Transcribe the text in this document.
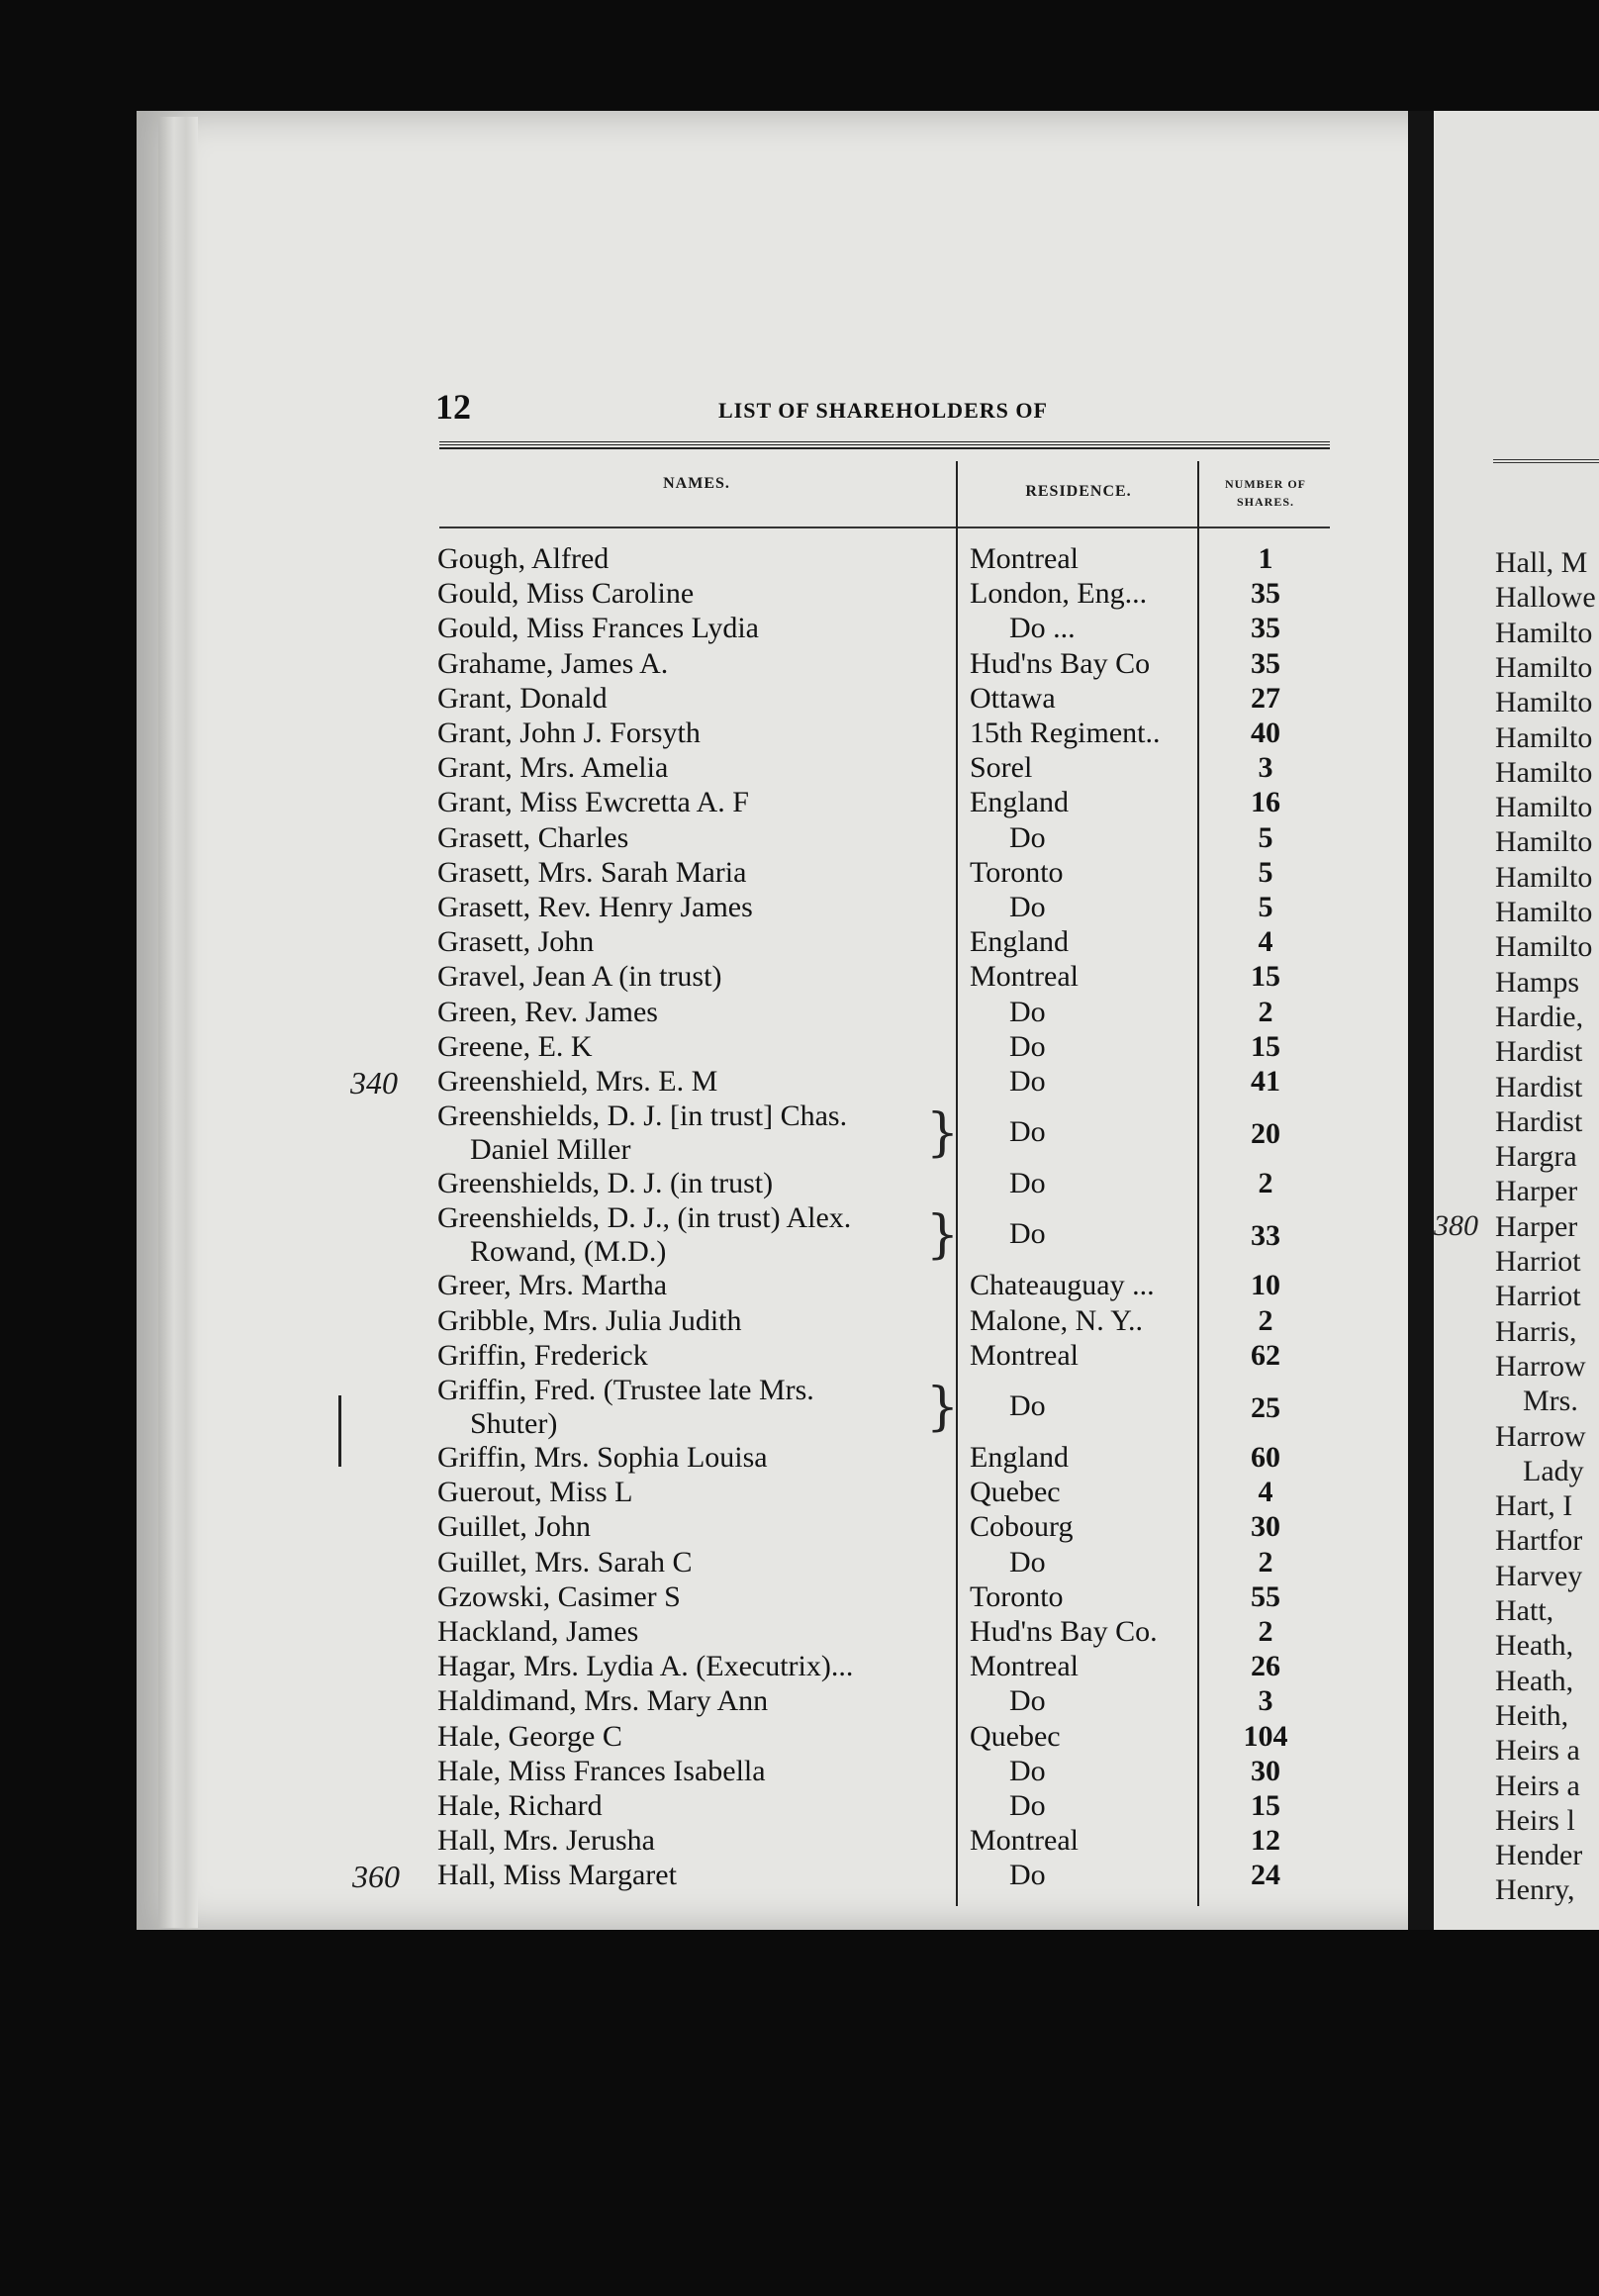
Hall, M
Hallowe
Hamilto
Hamilto
Hamilto
Hamilto
Hamilto
Hamilto
Hamilto
Hamilto
Hamilto
Hamilto
Hamps
Hardie,
Hardist
Hardist
Hardist
Hargra
Harper
Harper
Harriot
Harriot
Harris,
Harrow
Mrs.
Harrow
Lady
Hart, I
Hartfor
Harvey
Hatt,
Heath,
Heath,
Heith,
Heirs a
Heirs a
Heirs l
Hender
Henry,
380
12	LIST OF SHAREHOLDERS OF
NAMES.	RESIDENCE.	NUMBER OF
SHARES.
Gough, Alfred	Montreal	1
Gould, Miss Caroline	London, Eng...	35
Gould, Miss Frances Lydia	Do ...	35
Grahame, James A.	Hud'ns Bay Co	35
Grant, Donald	Ottawa	27
Grant, John J. Forsyth	15th Regiment..	40
Grant, Mrs. Amelia	Sorel	3
Grant, Miss Ewcretta A. F	England	16
Grasett, Charles	Do	5
Grasett, Mrs. Sarah Maria	Toronto	5
Grasett, Rev. Henry James	Do	5
Grasett, John	England	4
Gravel, Jean A (in trust)	Montreal	15
Green, Rev. James	Do	2
Greene, E. K	Do	15
Greenshield, Mrs. E. M	Do	41
340
Greenshields, D. J. [in trust] Chas.
Daniel Miller	} Do	20
Greenshields, D. J. (in trust)	Do	2
Greenshields, D. J., (in trust) Alex.
Rowand, (M.D.)	} Do	33
Greer, Mrs. Martha	Chateauguay ...	10
Gribble, Mrs. Julia Judith	Malone, N. Y..	2
Griffin, Frederick	Montreal	62
Griffin, Fred. (Trustee late Mrs.
Shuter)	} Do	25
Griffin, Mrs. Sophia Louisa	England	60
Guerout, Miss L	Quebec	4
Guillet, John	Cobourg	30
Guillet, Mrs. Sarah C	Do	2
Gzowski, Casimer S	Toronto	55
Hackland, James	Hud'ns Bay Co.	2
Hagar, Mrs. Lydia A. (Executrix)...	Montreal	26
Haldimand, Mrs. Mary Ann	Do	3
Hale, George C	Quebec	104
Hale, Miss Frances Isabella	Do	30
Hale, Richard	Do	15
Hall, Mrs. Jerusha	Montreal	12
Hall, Miss Margaret	Do	24
360
